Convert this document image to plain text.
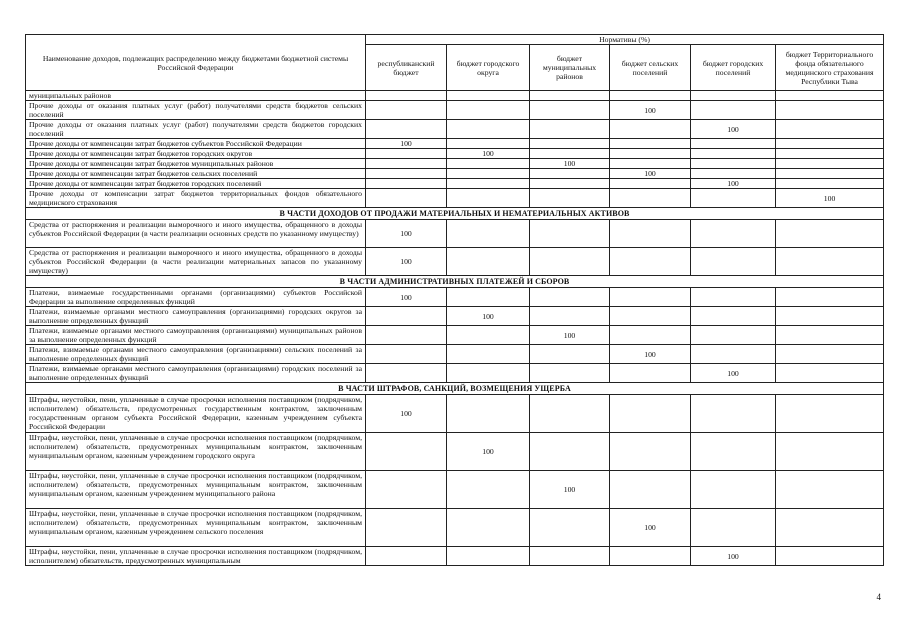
Наименование доходов, подлежащих распределению между бюджетами бюджетной системы Российской Федерации	Нормативы (%)					
	республиканский бюджет	бюджет городского округа	бюджет муниципальных районов	бюджет сельских поселений	бюджет городских поселений	бюджет Территориального фонда обязательного медицинского страхования Республики Тыва
муниципальных районов						
Прочие доходы от оказания платных услуг (работ) получателями средств бюджетов сельских поселений				100		
Прочие доходы от оказания платных услуг (работ) получателями средств бюджетов городских поселений					100	
Прочие доходы от компенсации затрат бюджетов субъектов Российской Федерации	100					
Прочие доходы от компенсации затрат бюджетов городских округов		100				
Прочие доходы от компенсации затрат бюджетов муниципальных районов			100			
Прочие доходы от компенсации затрат бюджетов сельских поселений				100		
Прочие доходы от компенсации затрат бюджетов городских поселений					100	
Прочие доходы от компенсации затрат бюджетов территориальных фондов обязательного медицинского страхования						100
В ЧАСТИ ДОХОДОВ ОТ ПРОДАЖИ МАТЕРИАЛЬНЫХ И НЕМАТЕРИАЛЬНЫХ АКТИВОВ						
Средства от распоряжения и реализации выморочного и иного имущества, обращенного в доходы субъектов Российской Федерации (в части реализации основных средств по указанному имуществу)	100					
Средства от распоряжения и реализации выморочного и иного имущества, обращенного в доходы субъектов Российской Федерации (в части реализации материальных запасов по указанному имуществу)	100					
В ЧАСТИ АДМИНИСТРАТИВНЫХ ПЛАТЕЖЕЙ И СБОРОВ						
Платежи, взимаемые государственными органами (организациями) субъектов Российской Федерации за выполнение определенных функций	100					
Платежи, взимаемые органами местного самоуправления (организациями) городских округов за выполнение определенных функций		100				
Платежи, взимаемые органами местного самоуправления (организациями) муниципальных районов за выполнение определенных функций			100			
Платежи, взимаемые органами местного самоуправления (организациями) сельских поселений за выполнение определенных функций				100		
Платежи, взимаемые органами местного самоуправления (организациями) городских поселений за выполнение определенных функций					100	
В ЧАСТИ ШТРАФОВ, САНКЦИЙ, ВОЗМЕЩЕНИЯ УЩЕРБА						
Штрафы, неустойки, пени, уплаченные в случае просрочки исполнения поставщиком (подрядчиком, исполнителем) обязательств, предусмотренных государственным контрактом, заключенным государственным органом субъекта Российской Федерации, казенным учреждением субъекта Российской Федерации	100					
Штрафы, неустойки, пени, уплаченные в случае просрочки исполнения поставщиком (подрядчиком, исполнителем) обязательств, предусмотренных муниципальным контрактом, заключенным муниципальным органом, казенным учреждением городского округа		100				
Штрафы, неустойки, пени, уплаченные в случае просрочки исполнения поставщиком (подрядчиком, исполнителем) обязательств, предусмотренных муниципальным контрактом, заключенным муниципальным органом, казенным учреждением муниципального района			100			
Штрафы, неустойки, пени, уплаченные в случае просрочки исполнения поставщиком (подрядчиком, исполнителем) обязательств, предусмотренных муниципальным контрактом, заключенным муниципальным органом, казенным учреждением сельского поселения				100		
Штрафы, неустойки, пени, уплаченные в случае просрочки исполнения поставщиком (подрядчиком, исполнителем) обязательств, предусмотренных муниципальным					100	
4
